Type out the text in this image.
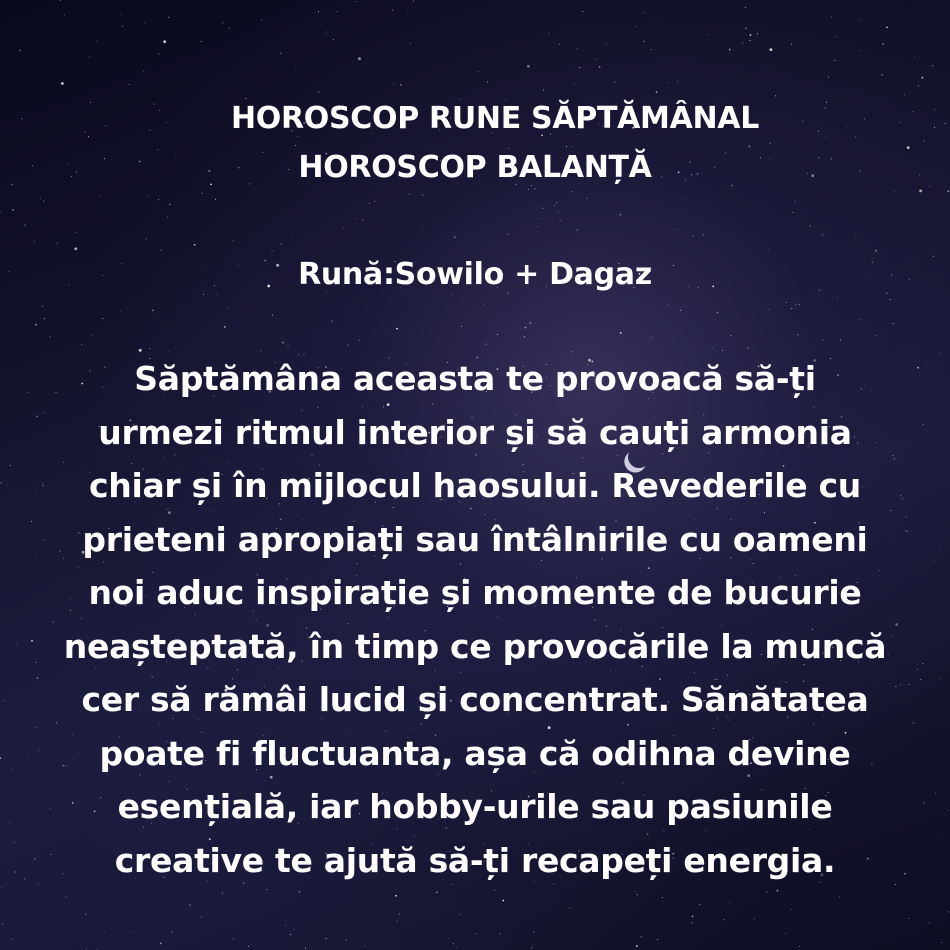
HOROSCOP RUNE SĂPTĂMÂNAL
HOROSCOP BALANȚĂ
Rună:Sowilo + Dagaz
Săptămâna aceasta te provoacă să-ți
urmezi ritmul interior și să cauți armonia
chiar și în mijlocul haosului. Revederile cu
prieteni apropiați sau întâlnirile cu oameni
noi aduc inspirație și momente de bucurie
neașteptată, în timp ce provocările la muncă
cer să rămâi lucid și concentrat. Sănătatea
poate fi fluctuanta, așa că odihna devine
esențială, iar hobby-urile sau pasiunile
creative te ajută să-ți recapeți energia.
